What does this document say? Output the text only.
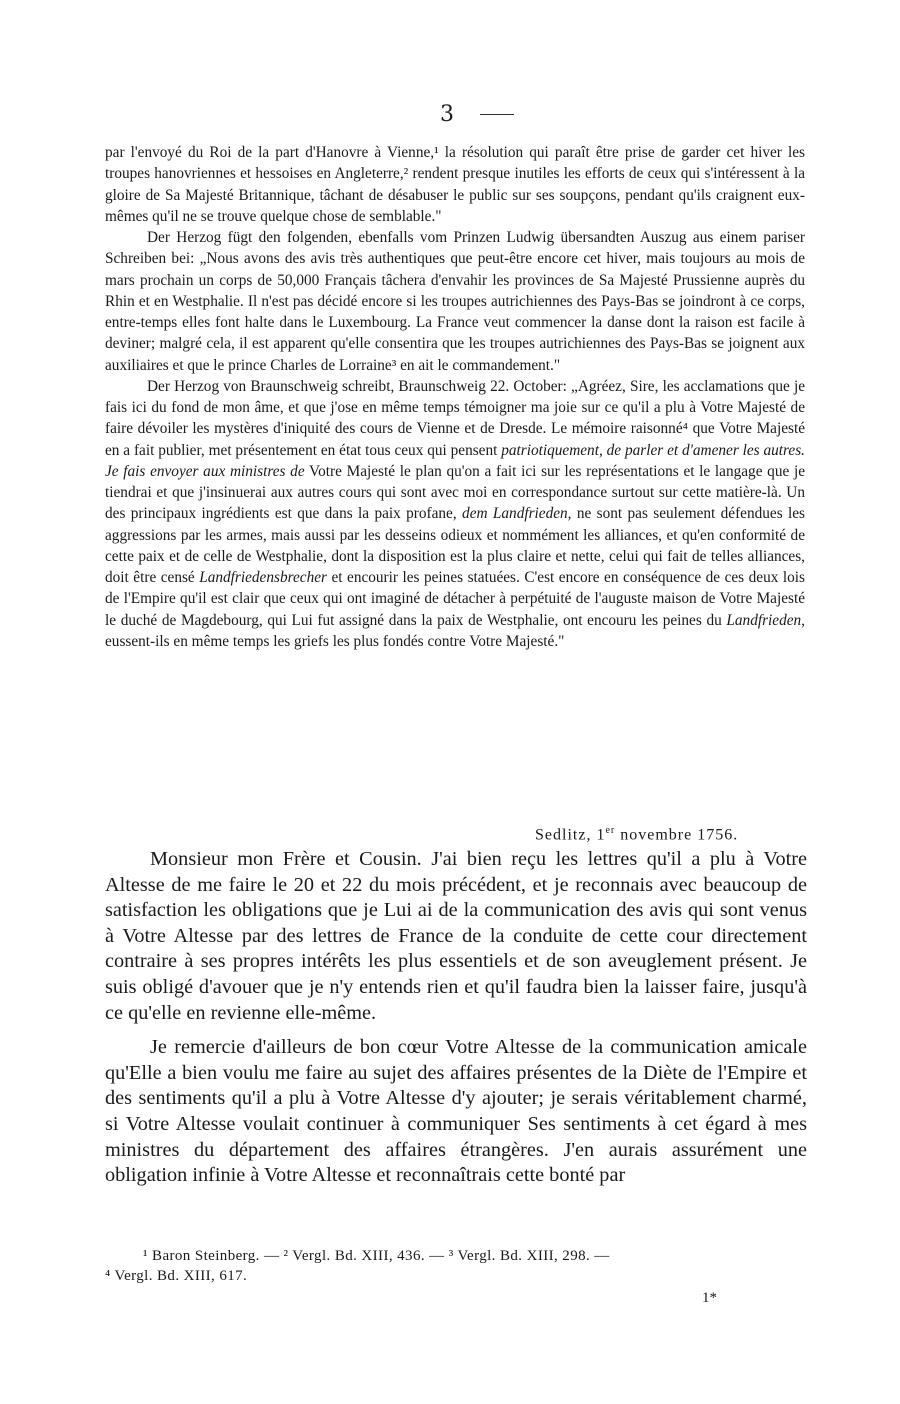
3

par l'envoyé du Roi de la part d'Hanovre à Vienne,¹ la résolution qui paraît être prise de garder cet hiver les troupes hanovriennes et hessoises en Angleterre,² rendent presque inutiles les efforts de ceux qui s'intéressent à la gloire de Sa Majesté Britannique, tâchant de désabuser le public sur ses soupçons, pendant qu'ils craignent eux-mêmes qu'il ne se trouve quelque chose de semblable."

Der Herzog fügt den folgenden, ebenfalls vom Prinzen Ludwig übersandten Auszug aus einem pariser Schreiben bei: „Nous avons des avis très authentiques que peut-être encore cet hiver, mais toujours au mois de mars prochain un corps de 50,000 Français tâchera d'envahir les provinces de Sa Majesté Prussienne auprès du Rhin et en Westphalie. Il n'est pas décidé encore si les troupes autrichiennes des Pays-Bas se joindront à ce corps, entre-temps elles font halte dans le Luxembourg. La France veut commencer la danse dont la raison est facile à deviner; malgré cela, il est apparent qu'elle consentira que les troupes autrichiennes des Pays-Bas se joignent aux auxiliaires et que le prince Charles de Lorraine³ en ait le commandement."

Der Herzog von Braunschweig schreibt, Braunschweig 22. October: „Agréez, Sire, les acclamations que je fais ici du fond de mon âme, et que j'ose en même temps témoigner ma joie sur ce qu'il a plu à Votre Majesté de faire dévoiler les mystères d'iniquité des cours de Vienne et de Dresde. Le mémoire raisonné⁴ que Votre Majesté en a fait publier, met présentement en état tous ceux qui pensent patriotiquement, de parler et d'amener les autres. Je fais envoyer aux ministres de Votre Majesté le plan qu'on a fait ici sur les représentations et le langage que je tiendrai et que j'insinuerai aux autres cours qui sont avec moi en correspondance surtout sur cette matière-là. Un des principaux ingrédients est que dans la paix profane, dem Landfrieden, ne sont pas seulement défendues les aggressions par les armes, mais aussi par les desseins odieux et nommément les alliances, et qu'en conformité de cette paix et de celle de Westphalie, dont la disposition est la plus claire et nette, celui qui fait de telles alliances, doit être censé Landfriedensbrecher et encourir les peines statuées. C'est encore en conséquence de ces deux lois de l'Empire qu'il est clair que ceux qui ont imaginé de détacher à perpétuité de l'auguste maison de Votre Majesté le duché de Magdebourg, qui Lui fut assigné dans la paix de Westphalie, ont encouru les peines du Landfrieden, eussent-ils en même temps les griefs les plus fondés contre Votre Majesté."

Sedlitz, 1er novembre 1756.

Monsieur mon Frère et Cousin. J'ai bien reçu les lettres qu'il a plu à Votre Altesse de me faire le 20 et 22 du mois précédent, et je reconnais avec beaucoup de satisfaction les obligations que je Lui ai de la communication des avis qui sont venus à Votre Altesse par des lettres de France de la conduite de cette cour directement contraire à ses propres intérêts les plus essentiels et de son aveuglement présent. Je suis obligé d'avouer que je n'y entends rien et qu'il faudra bien la laisser faire, jusqu'à ce qu'elle en revienne elle-même.

Je remercie d'ailleurs de bon cœur Votre Altesse de la communication amicale qu'Elle a bien voulu me faire au sujet des affaires présentes de la Diète de l'Empire et des sentiments qu'il a plu à Votre Altesse d'y ajouter; je serais véritablement charmé, si Votre Altesse voulait continuer à communiquer Ses sentiments à cet égard à mes ministres du département des affaires étrangères. J'en aurais assurément une obligation infinie à Votre Altesse et reconnaîtrais cette bonté par

¹ Baron Steinberg. — ² Vergl. Bd. XIII, 436. — ³ Vergl. Bd. XIII, 298. —
⁴ Vergl. Bd. XIII, 617.
1*
